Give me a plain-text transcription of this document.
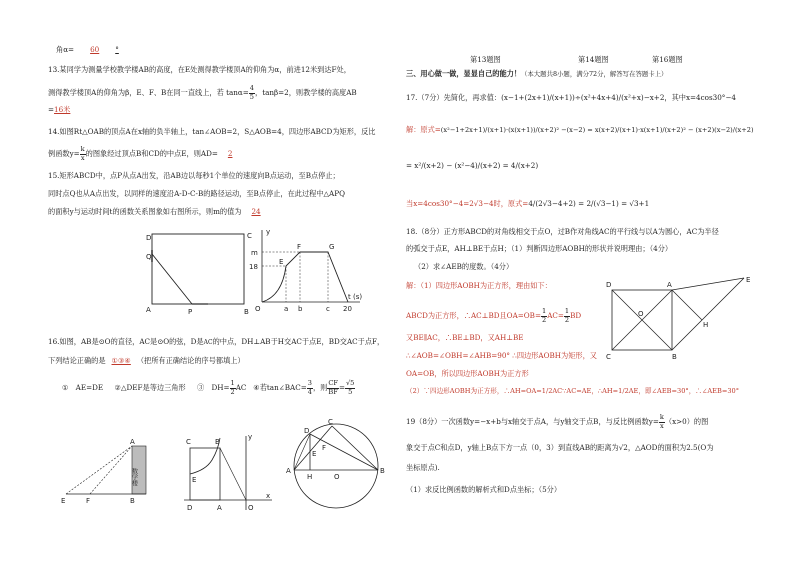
角α= 60 °
13.某同学为测量学校教学楼AB的高度，在E处测得教学楼顶A的仰角为α，前进12米到达F处，
测得教学楼顶A的仰角为β，E、F、B在同一直线上，若 $\tan\alpha= \frac{4}{5}$ ，tanβ=2，则教学楼的高度AB
=16米
14.如图Rt△OAB的顶点A在x轴的负半轴上，tan∠AOB=2，S△AOB=4，四边形ABCD为矩形，反比
例函数$y= \frac{k}{x}$ 的图象经过顶点B和CD的中点E，则AD= 2
15.矩形ABCD中，点P从点A出发，沿AB边以每秒1个单位的速度向B点运动，至B点停止；
同时点Q也从A点出发，以同样的速度沿A-D-C-B的路径运动，至B点停止，在此过程中△APQ
的面积y与运动时间t的函数关系图象如右图所示，则m的值为 24
D	C
Q
A	P	B
y
t (s)
m
18
O	a b	c 20
E
F	G
16.如图，AB是⊙O的直径，AC是⊙O的弦，D是AC的中点，DH⊥AB于H交AC于点E，BD交AC于点F，
下列结论正确的是 ①③④ （把所有正确结论的序号都填上）
①　AE=DE ②△DEF是等边三角形 ③　$DH= \frac{1}{2}$ AC ④若tan∠BAC= $\frac{3}{4}$ ，则 $\frac{CF}{BF} = \frac{√5}{5}$
A
B
E	F
数学楼
C	B
E
D	A	O
x
y
C
D
E
F
A	B
H	O
第13题图	第14题图	第16题图
三、用心做一做，显显自己的能力！（本大题共8小题，满分72分，解答写在答题卡上）
17.（7分）先简化，再求值：(x−1+(2x+1)/(x+1))÷(x²+4x+4)/(x²+x)−x+2，其中x=4cos30°−4
解：原式=(x²−1+2x+1)/(x+1)·(x(x+1))/(x+2)² −(x−2) = x(x+2)/(x+1)·x(x+1)/(x+2)² − (x+2)(x−2)/(x+2)
= x²/(x+2) − (x²−4)/(x+2) = 4/(x+2)
当x=4cos30°−4=2√3−4时，原式=4/(2√3−4+2) = 2/(√3−1) = √3+1
18.（8分）正方形ABCD的对角线相交于点O，过B作对角线AC的平行线与以A为圆心，AC为半径
的弧交于点E，AH⊥BE于点H；（1）判断四边形AOBH的形状并说明理由；（4分）
（2）求∠AEB的度数。（4分）
解：（1）四边形AOBH为正方形，理由如下：
ABCD为正方形，∴AC⊥BD且$OA=OB= \frac{1}{2} AC= \frac{1}{2}$ BD
又BE∥AC，∴BE⊥BD，又AH⊥BE
∴∠AOB=∠OBH=∠AHB=90° ∴四边形AOBH为矩形，又
OA=OB，所以四边形AOBH为正方形
（2）∵四边形AOBH为正方形，∴AH=OA=1/2AC∵AC=AE，∴AH=1/2AE，即∠AEB=30°，∴∠AEB=30°
A
B
C
D
O
H
E
19（8分）一次函数y=−x+b与x轴交于点A，与y轴交于点B，与反比例函数$y= \frac{k}{x} (x>0)$的图
象交于点C和点D，y轴上B点下方一点（0，3）到直线AB的距离为√2，△AOD的面积为2.5(O为
坐标原点).
（1）求反比例函数的解析式和D点坐标；（5分）
